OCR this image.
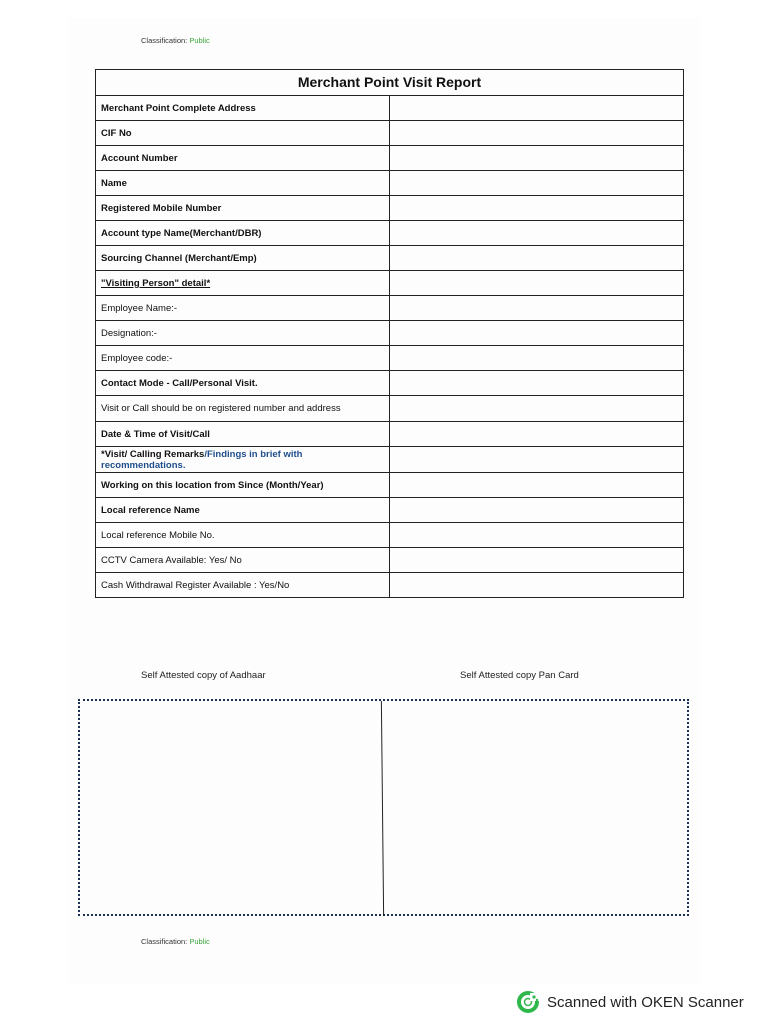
Classification: Public
Merchant Point Visit Report	
Merchant Point Complete Address	
CIF No	
Account Number	
Name	
Registered Mobile Number	
Account type Name(Merchant/DBR)	
Sourcing Channel (Merchant/Emp)	
"Visiting Person" detail*	
Employee Name:-	
Designation:-	
Employee code:-	
Contact Mode - Call/Personal Visit.	
Visit or Call should be on registered number and address	
Date & Time of Visit/Call	
*Visit/ Calling Remarks/Findings in brief with recommendations.	
Working on this location from Since (Month/Year)	
Local reference Name	
Local reference Mobile No.	
CCTV Camera Available: Yes/ No	
Cash Withdrawal Register Available : Yes/No	
Self Attested copy of Aadhaar	Self Attested copy Pan Card
Classification: Public
Scanned with OKEN Scanner
